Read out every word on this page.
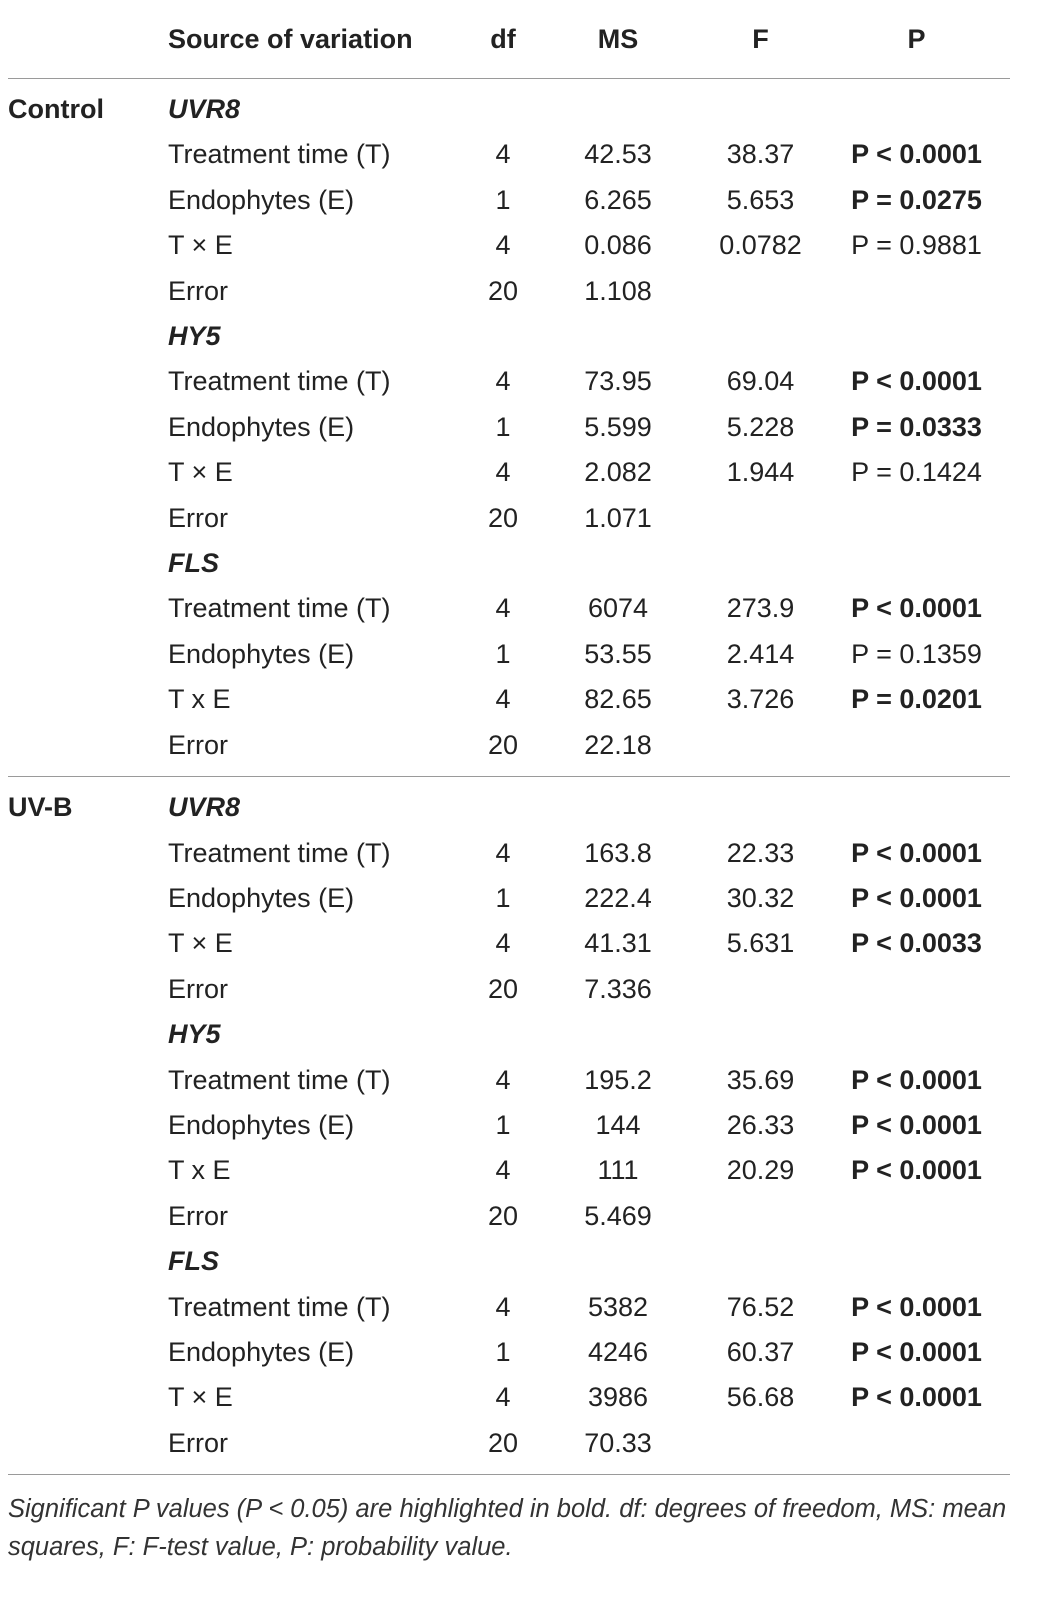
	Source of variation	df	MS	F	P
Control	UVR8				
	Treatment time (T)	4	42.53	38.37	P < 0.0001
	Endophytes (E)	1	6.265	5.653	P = 0.0275
	T × E	4	0.086	0.0782	P = 0.9881
	Error	20	1.108		
	HY5				
	Treatment time (T)	4	73.95	69.04	P < 0.0001
	Endophytes (E)	1	5.599	5.228	P = 0.0333
	T × E	4	2.082	1.944	P = 0.1424
	Error	20	1.071		
	FLS				
	Treatment time (T)	4	6074	273.9	P < 0.0001
	Endophytes (E)	1	53.55	2.414	P = 0.1359
	T x E	4	82.65	3.726	P = 0.0201
	Error	20	22.18		
UV-B	UVR8				
	Treatment time (T)	4	163.8	22.33	P < 0.0001
	Endophytes (E)	1	222.4	30.32	P < 0.0001
	T × E	4	41.31	5.631	P < 0.0033
	Error	20	7.336		
	HY5				
	Treatment time (T)	4	195.2	35.69	P < 0.0001
	Endophytes (E)	1	144	26.33	P < 0.0001
	T x E	4	111	20.29	P < 0.0001
	Error	20	5.469		
	FLS				
	Treatment time (T)	4	5382	76.52	P < 0.0001
	Endophytes (E)	1	4246	60.37	P < 0.0001
	T × E	4	3986	56.68	P < 0.0001
	Error	20	70.33		
Significant P values (P < 0.05) are highlighted in bold. df: degrees of freedom, MS: mean squares, F: F-test value, P: probability value.
